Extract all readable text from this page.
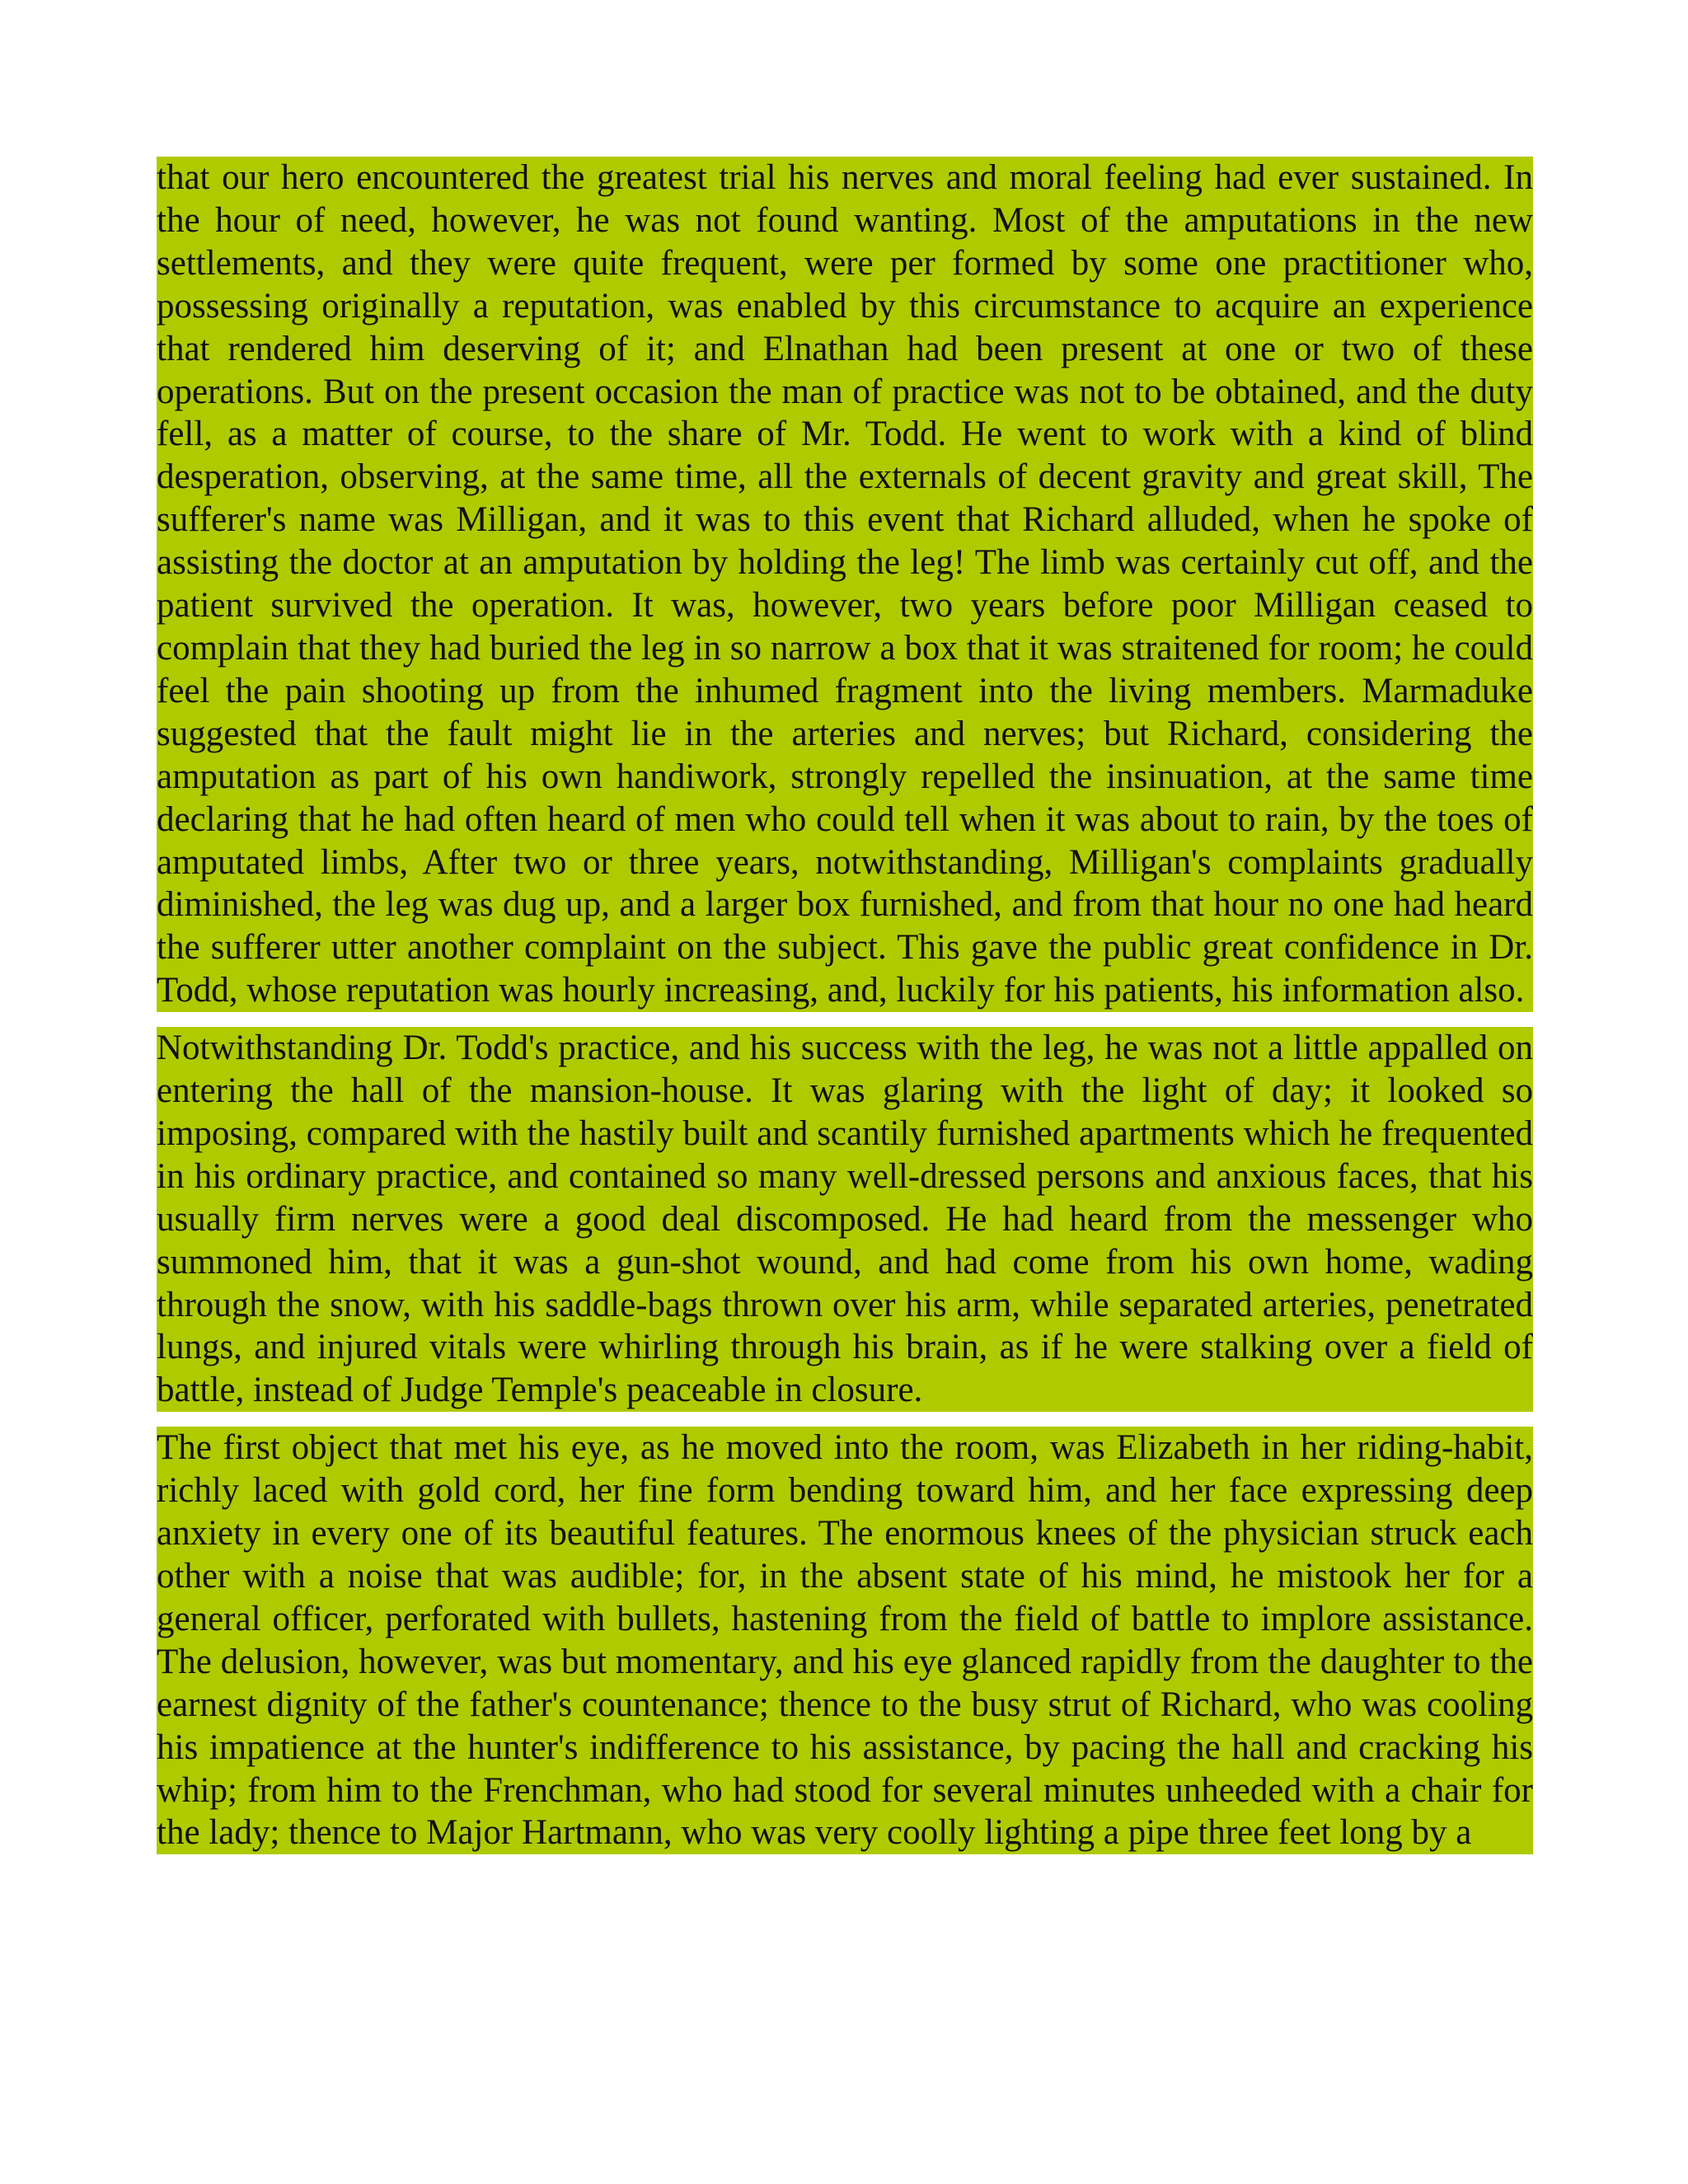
that our hero encountered the greatest trial his nerves and moral feeling had ever sustained. In the hour of need, however, he was not found wanting. Most of the amputations in the new settlements, and they were quite frequent, were per formed by some one practitioner who, possessing originally a reputation, was enabled by this circumstance to acquire an experience that rendered him deserving of it; and Elnathan had been present at one or two of these operations. But on the present occasion the man of practice was not to be obtained, and the duty fell, as a matter of course, to the share of Mr. Todd. He went to work with a kind of blind desperation, observing, at the same time, all the externals of decent gravity and great skill, The sufferer's name was Milligan, and it was to this event that Richard alluded, when he spoke of assisting the doctor at an amputation by holding the leg! The limb was certainly cut off, and the patient survived the operation. It was, however, two years before poor Milligan ceased to complain that they had buried the leg in so narrow a box that it was straitened for room; he could feel the pain shooting up from the inhumed fragment into the living members. Marmaduke suggested that the fault might lie in the arteries and nerves; but Richard, considering the amputation as part of his own handiwork, strongly repelled the insinuation, at the same time declaring that he had often heard of men who could tell when it was about to rain, by the toes of amputated limbs, After two or three years, notwithstanding, Milligan's complaints gradually diminished, the leg was dug up, and a larger box furnished, and from that hour no one had heard the sufferer utter another complaint on the subject. This gave the public great confidence in Dr. Todd, whose reputation was hourly increasing, and, luckily for his patients, his information also.

Notwithstanding Dr. Todd's practice, and his success with the leg, he was not a little appalled on entering the hall of the mansion-house. It was glaring with the light of day; it looked so imposing, compared with the hastily built and scantily furnished apartments which he frequented in his ordinary practice, and contained so many well-dressed persons and anxious faces, that his usually firm nerves were a good deal discomposed. He had heard from the messenger who summoned him, that it was a gun-shot wound, and had come from his own home, wading through the snow, with his saddle-bags thrown over his arm, while separated arteries, penetrated lungs, and injured vitals were whirling through his brain, as if he were stalking over a field of battle, instead of Judge Temple's peaceable in closure.

The first object that met his eye, as he moved into the room, was Elizabeth in her riding-habit, richly laced with gold cord, her fine form bending toward him, and her face expressing deep anxiety in every one of its beautiful features. The enormous knees of the physician struck each other with a noise that was audible; for, in the absent state of his mind, he mistook her for a general officer, perforated with bullets, hastening from the field of battle to implore assistance. The delusion, however, was but momentary, and his eye glanced rapidly from the daughter to the earnest dignity of the father's countenance; thence to the busy strut of Richard, who was cooling his impatience at the hunter's indifference to his assistance, by pacing the hall and cracking his whip; from him to the Frenchman, who had stood for several minutes unheeded with a chair for the lady; thence to Major Hartmann, who was very coolly lighting a pipe three feet long by a
